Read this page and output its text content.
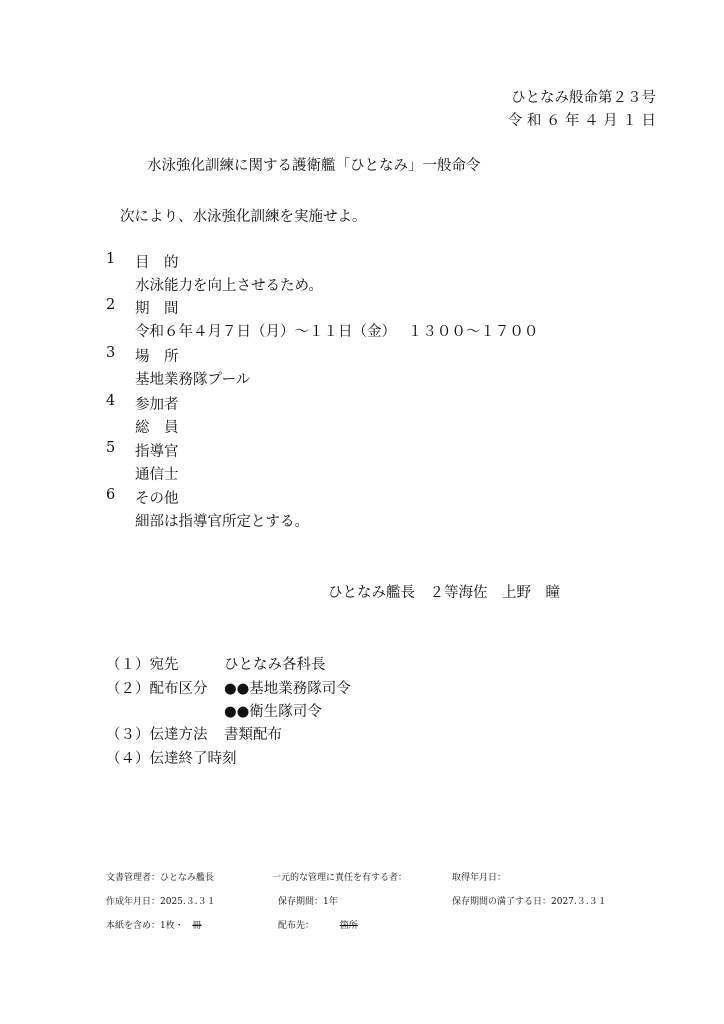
ひとなみ般命第２３号
令 和 ６ 年 ４ 月 １ 日
水泳強化訓練に関する護衛艦「ひとなみ」一般命令
次により、水泳強化訓練を実施せよ。
1 目　的
水泳能力を向上させるため。
2 期　間
令和６年４月７日（月）～１１日（金）　 １３００～１７００
3 場　所
基地業務隊プール
4 参加者
総　員
5 指導官
通信士
6 その他
細部は指導官所定とする。
ひとなみ艦長　２等海佐　上野　瞳
（１）宛先	ひとなみ各科長
（２）配布区分 ●●基地業務隊司令
●●衛生隊司令
（３）伝達方法 書類配布
（４）伝達終了時刻
文書管理者：ひとなみ艦長	一元的な管理に責任を有する者：	取得年月日：
作成年月日：2025.３.３１	保存期間：1年	保存期間の満了する日：2027.３.３１
本紙を含め：1枚・ 冊	配布先：	箇所
